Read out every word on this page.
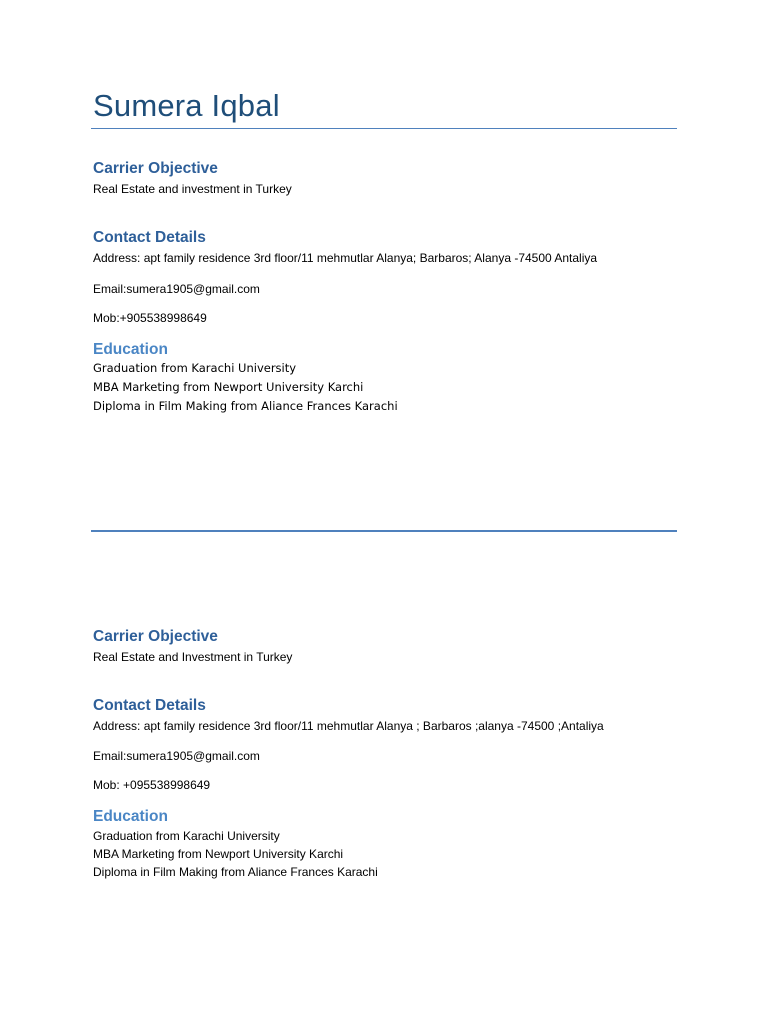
Sumera Iqbal
Carrier Objective

Real Estate and investment in Turkey

Contact Details

Address: apt family residence 3rd floor/11 mehmutlar Alanya; Barbaros; Alanya -74500 Antaliya

Email:sumera1905@gmail.com

Mob:+905538998649

Education
Graduation from Karachi University
MBA Marketing from Newport University Karchi
Diploma in Film Making from Aliance Frances Karachi
Carrier Objective

Real Estate and Investment in Turkey

Contact Details

Address: apt family residence 3rd floor/11 mehmutlar Alanya ; Barbaros ;alanya -74500 ;Antaliya

Email:sumera1905@gmail.com

Mob: +095538998649

Education
Graduation from Karachi University
MBA Marketing from Newport University Karchi
Diploma in Film Making from Aliance Frances Karachi
